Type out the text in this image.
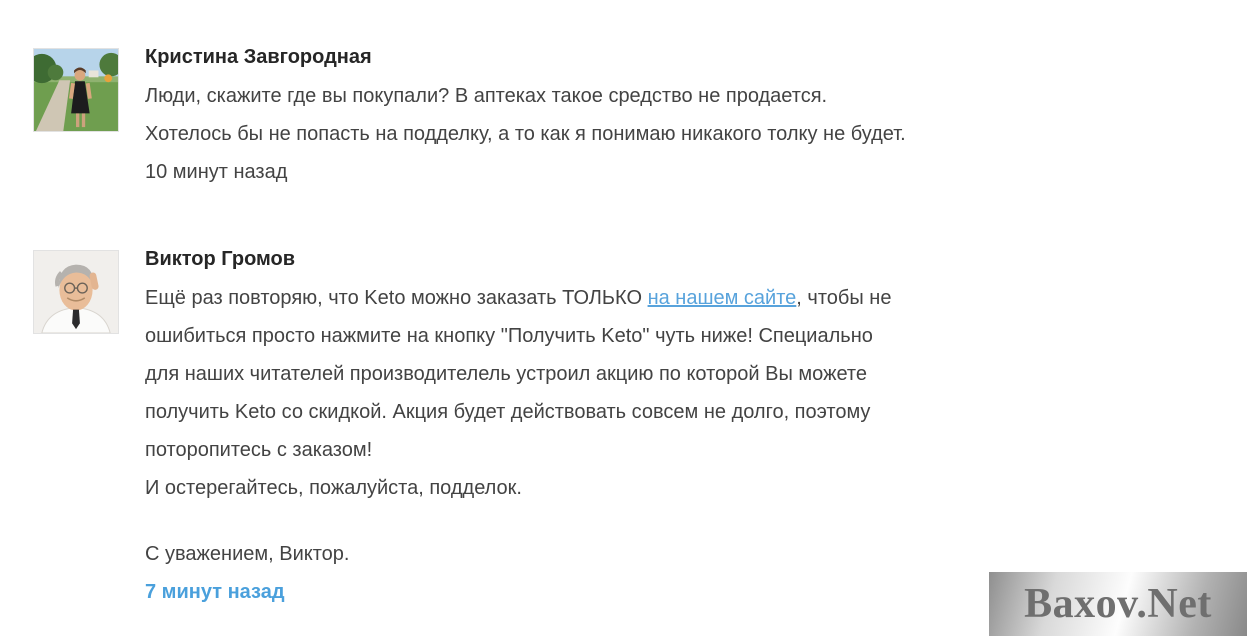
Кристина Завгородная
Люди, скажите где вы покупали? В аптеках такое средство не продается.
Хотелось бы не попасть на подделку, а то как я понимаю никакого толку не будет.
10 минут назад
Виктор Громов
Ещё раз повторяю, что Keto можно заказать ТОЛЬКО на нашем сайте, чтобы не
ошибиться просто нажмите на кнопку "Получить Keto" чуть ниже! Специально
для наших читателей производителель устроил акцию по которой Вы можете
получить Keto со скидкой. Акция будет действовать совсем не долго, поэтому
поторопитесь с заказом!
И остерегайтесь, пожалуйста, подделок.
С уважением, Виктор.
7 минут назад	Baxov.Net
